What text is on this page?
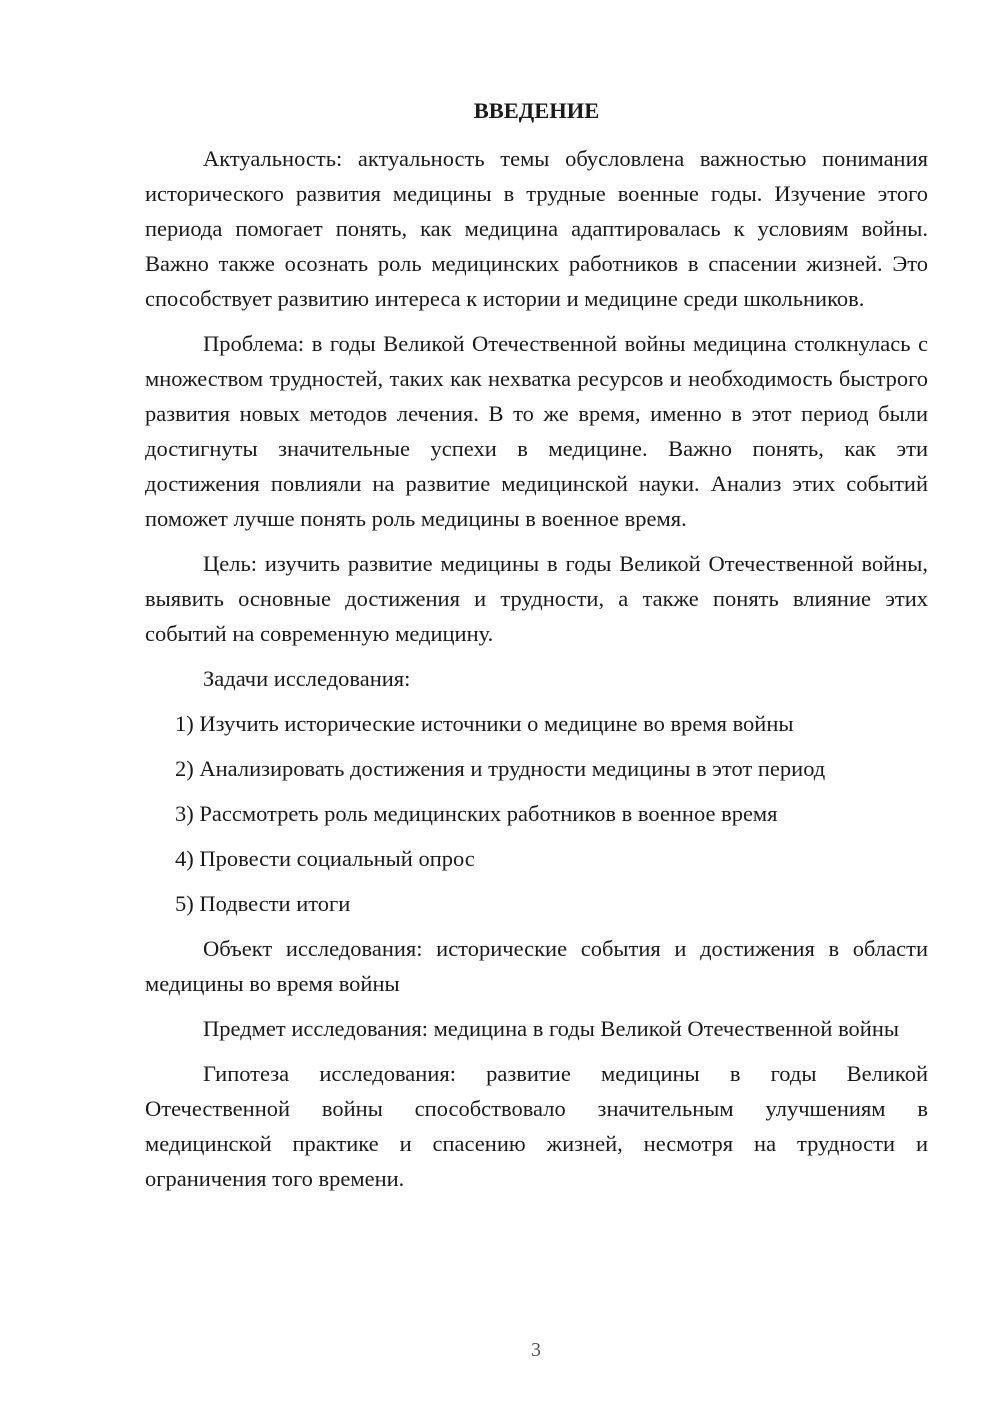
ВВЕДЕНИЕ

Актуальность: актуальность темы обусловлена важностью понимания исторического развития медицины в трудные военные годы. Изучение этого периода помогает понять, как медицина адаптировалась к условиям войны. Важно также осознать роль медицинских работников в спасении жизней. Это способствует развитию интереса к истории и медицине среди школьников.

Проблема: в годы Великой Отечественной войны медицина столкнулась с множеством трудностей, таких как нехватка ресурсов и необходимость быстрого развития новых методов лечения. В то же время, именно в этот период были достигнуты значительные успехи в медицине. Важно понять, как эти достижения повлияли на развитие медицинской науки. Анализ этих событий поможет лучше понять роль медицины в военное время.

Цель: изучить развитие медицины в годы Великой Отечественной войны, выявить основные достижения и трудности, а также понять влияние этих событий на современную медицину.

Задачи исследования:

1) Изучить исторические источники о медицине во время войны
2) Анализировать достижения и трудности медицины в этот период
3) Рассмотреть роль медицинских работников в военное время
4) Провести социальный опрос
5) Подвести итоги

Объект исследования: исторические события и достижения в области медицины во время войны

Предмет исследования: медицина в годы Великой Отечественной войны

Гипотеза исследования: развитие медицины в годы Великой Отечественной войны способствовало значительным улучшениям в медицинской практике и спасению жизней, несмотря на трудности и ограничения того времени.

3
